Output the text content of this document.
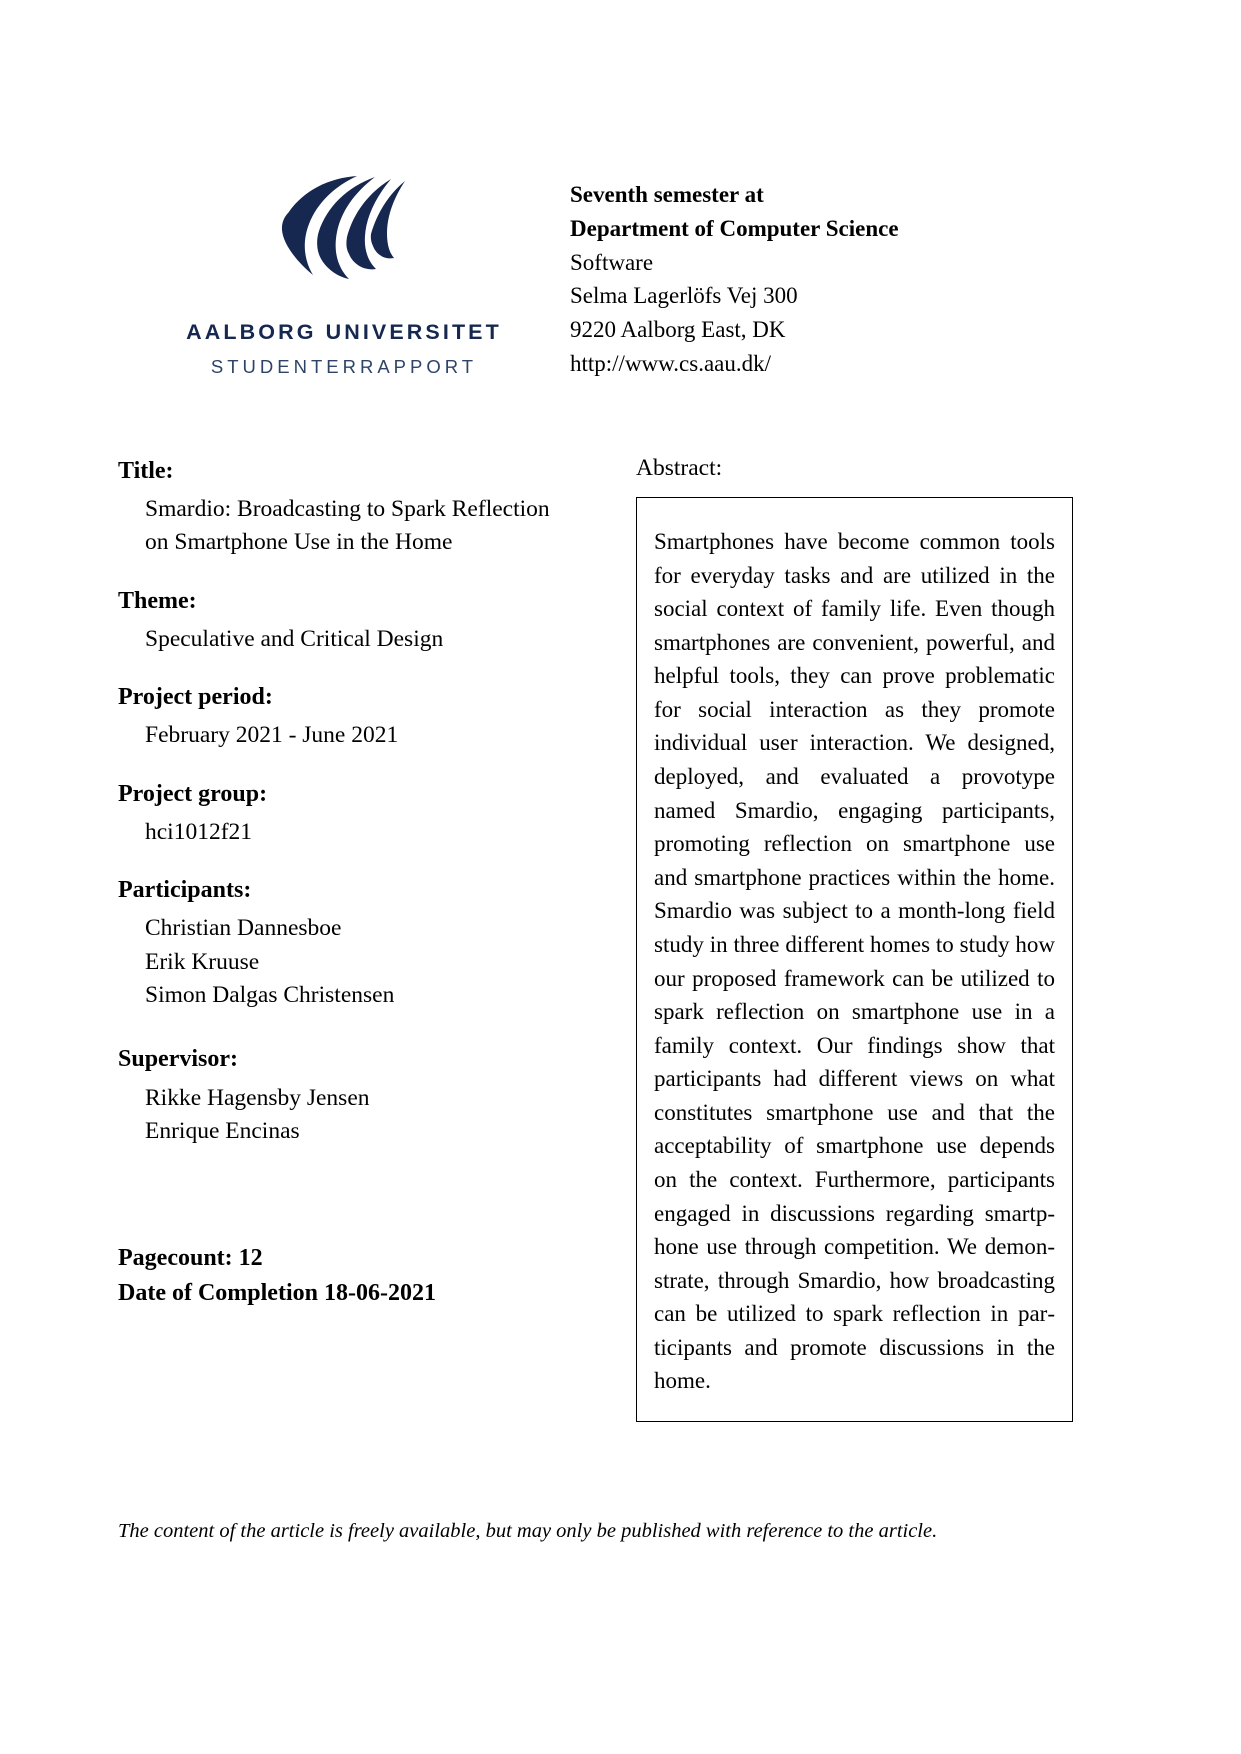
AALBORG UNIVERSITET
STUDENTERRAPPORT
Seventh semester at
Department of Computer Science
Software
Selma Lagerlöfs Vej 300
9220 Aalborg East, DK
http://www.cs.aau.dk/
Title:
Smardio: Broadcasting to Spark Reflection
on Smartphone Use in the Home
Theme:
Speculative and Critical Design
Project period:
February 2021 - June 2021
Project group:
hci1012f21
Participants:
Christian Dannesboe
Erik Kruuse
Simon Dalgas Christensen
Supervisor:
Rikke Hagensby Jensen
Enrique Encinas
Pagecount: 12
Date of Completion 18-06-2021
Abstract:

Smartphones have become common tools for everyday tasks and are utilized in the social context of family life. Even though smartphones are convenient, powerful, and helpful tools, they can prove problematic for social interaction as they promote individual user interaction. We designed, deployed, and evaluated a provotype named Smardio, engaging participants, promoting reflection on smartphone use and smartphone practices within the home. Smardio was subject to a month-long field study in three different homes to study how our proposed framework can be utilized to spark reflection on smartphone use in a family context. Our findings show that participants had different views on what constitutes smartphone use and that the acceptability of smartphone use depends on the context. Furthermore, participants engaged in discussions regarding smartphone use through competition. We demonstrate, through Smardio, how broadcasting can be utilized to spark reflection in participants and promote discussions in the home.

The content of the article is freely available, but may only be published with reference to the article.
